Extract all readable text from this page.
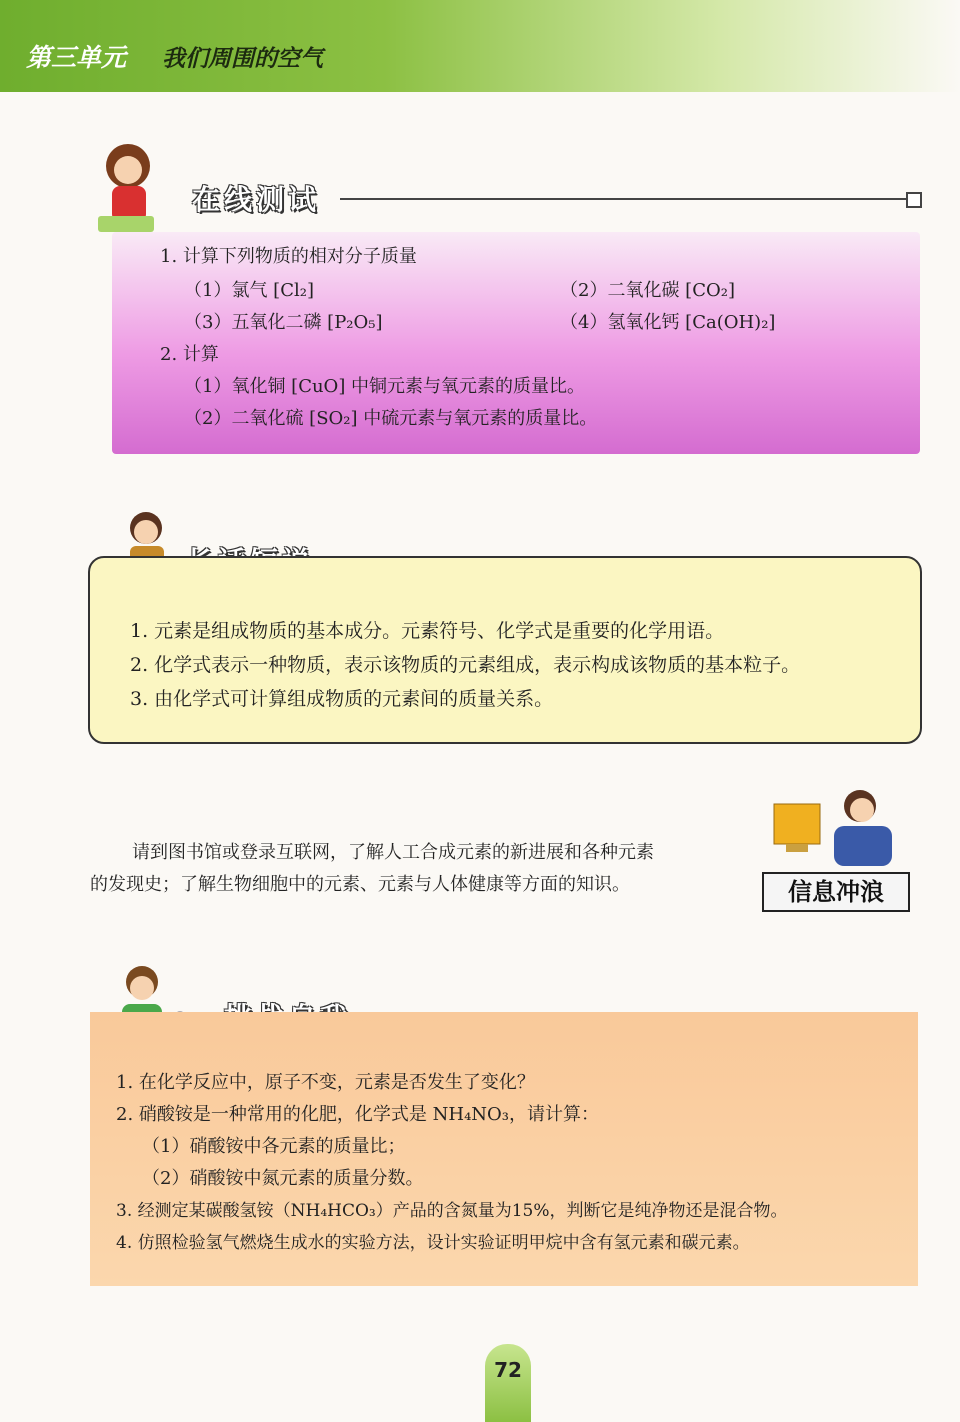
第三单元 我们周围的空气
在线测试
1. 计算下列物质的相对分子质量
（1）氯气 [Cl₂]	（2）二氧化碳 [CO₂]
（3）五氧化二磷 [P₂O₅]	（4）氢氧化钙 [Ca(OH)₂]
2. 计算
（1）氧化铜 [CuO] 中铜元素与氧元素的质量比。
（2）二氧化硫 [SO₂] 中硫元素与氧元素的质量比。
1. 元素是组成物质的基本成分。元素符号、化学式是重要的化学用语。
2. 化学式表示一种物质，表示该物质的元素组成，表示构成该物质的基本粒子。
3. 由化学式可计算组成物质的元素间的质量关系。
请到图书馆或登录互联网，了解人工合成元素的新进展和各种元素
的发现史；了解生物细胞中的元素、元素与人体健康等方面的知识。	信息冲浪
1. 在化学反应中，原子不变，元素是否发生了变化？
2. 硝酸铵是一种常用的化肥，化学式是 NH₄NO₃，请计算：
（1）硝酸铵中各元素的质量比；
（2）硝酸铵中氮元素的质量分数。
3. 经测定某碳酸氢铵（NH₄HCO₃）产品的含氮量为15%，判断它是纯净物还是混合物。
4. 仿照检验氢气燃烧生成水的实验方法，设计实验证明甲烷中含有氢元素和碳元素。
72
